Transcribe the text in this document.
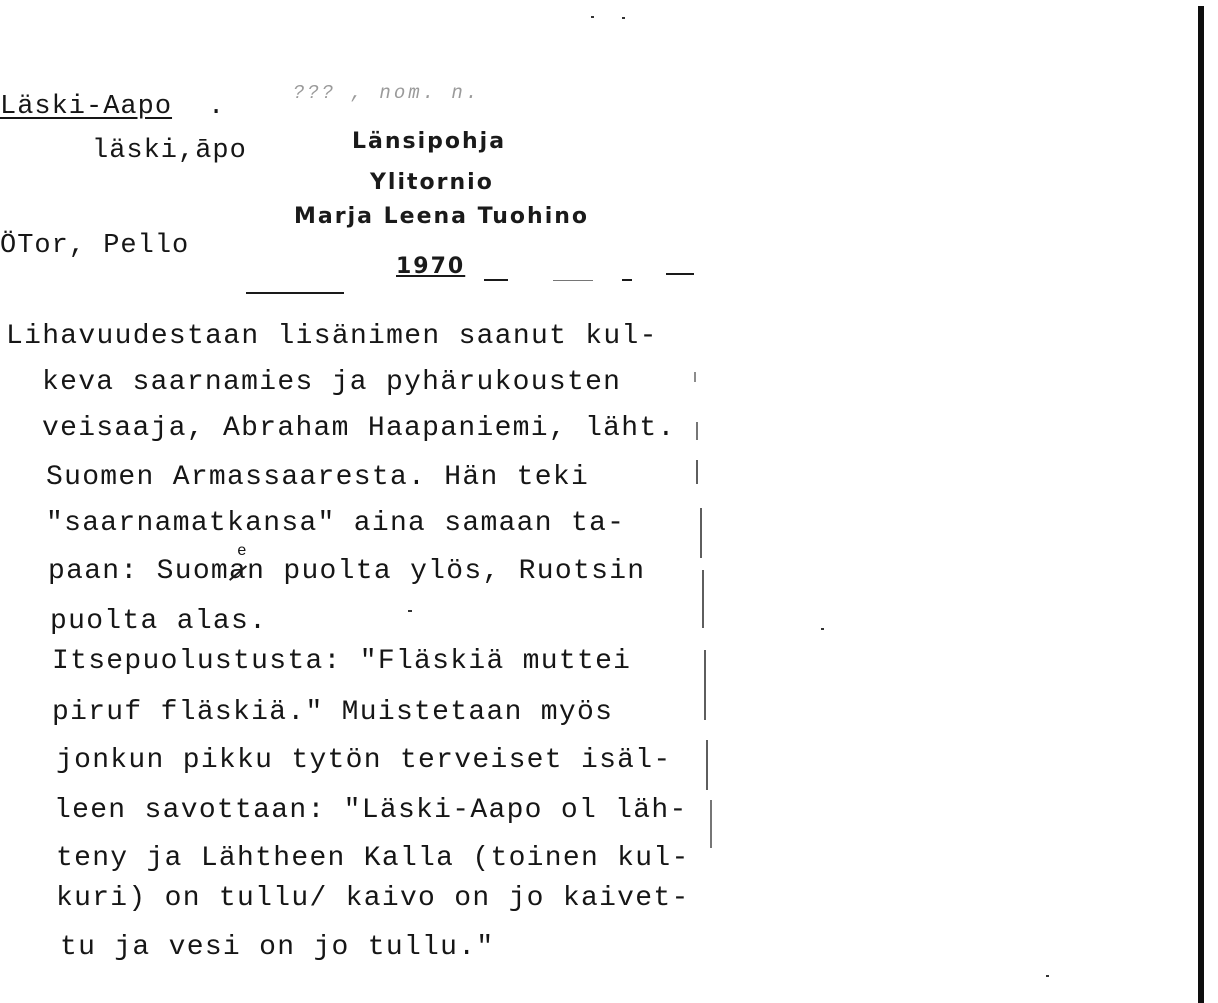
Läski-Aapo .	??? , nom. n.
läski,āpo
ÖTor, Pello
Länsipohja
Ylitornio
Marja Leena Tuohino
1970
Lihavuudestaan lisänimen saanut kul-
keva saarnamies ja pyhärukousten
veisaaja, Abraham Haapaniemi, läht.
Suomen Armassaaresta. Hän teki
"saarnamatkansa" aina samaan ta-
paan: Suoman puolta ylös, Ruotsin
e
puolta alas.
Itsepuolustusta: "Fläskiä muttei
piruf fläskiä." Muistetaan myös
jonkun pikku tytön terveiset isäl-
leen savottaan: "Läski-Aapo ol läh-
teny ja Lähtheen Kalla (toinen kul-
kuri) on tullu/ kaivo on jo kaivet-
tu ja vesi on jo tullu."
